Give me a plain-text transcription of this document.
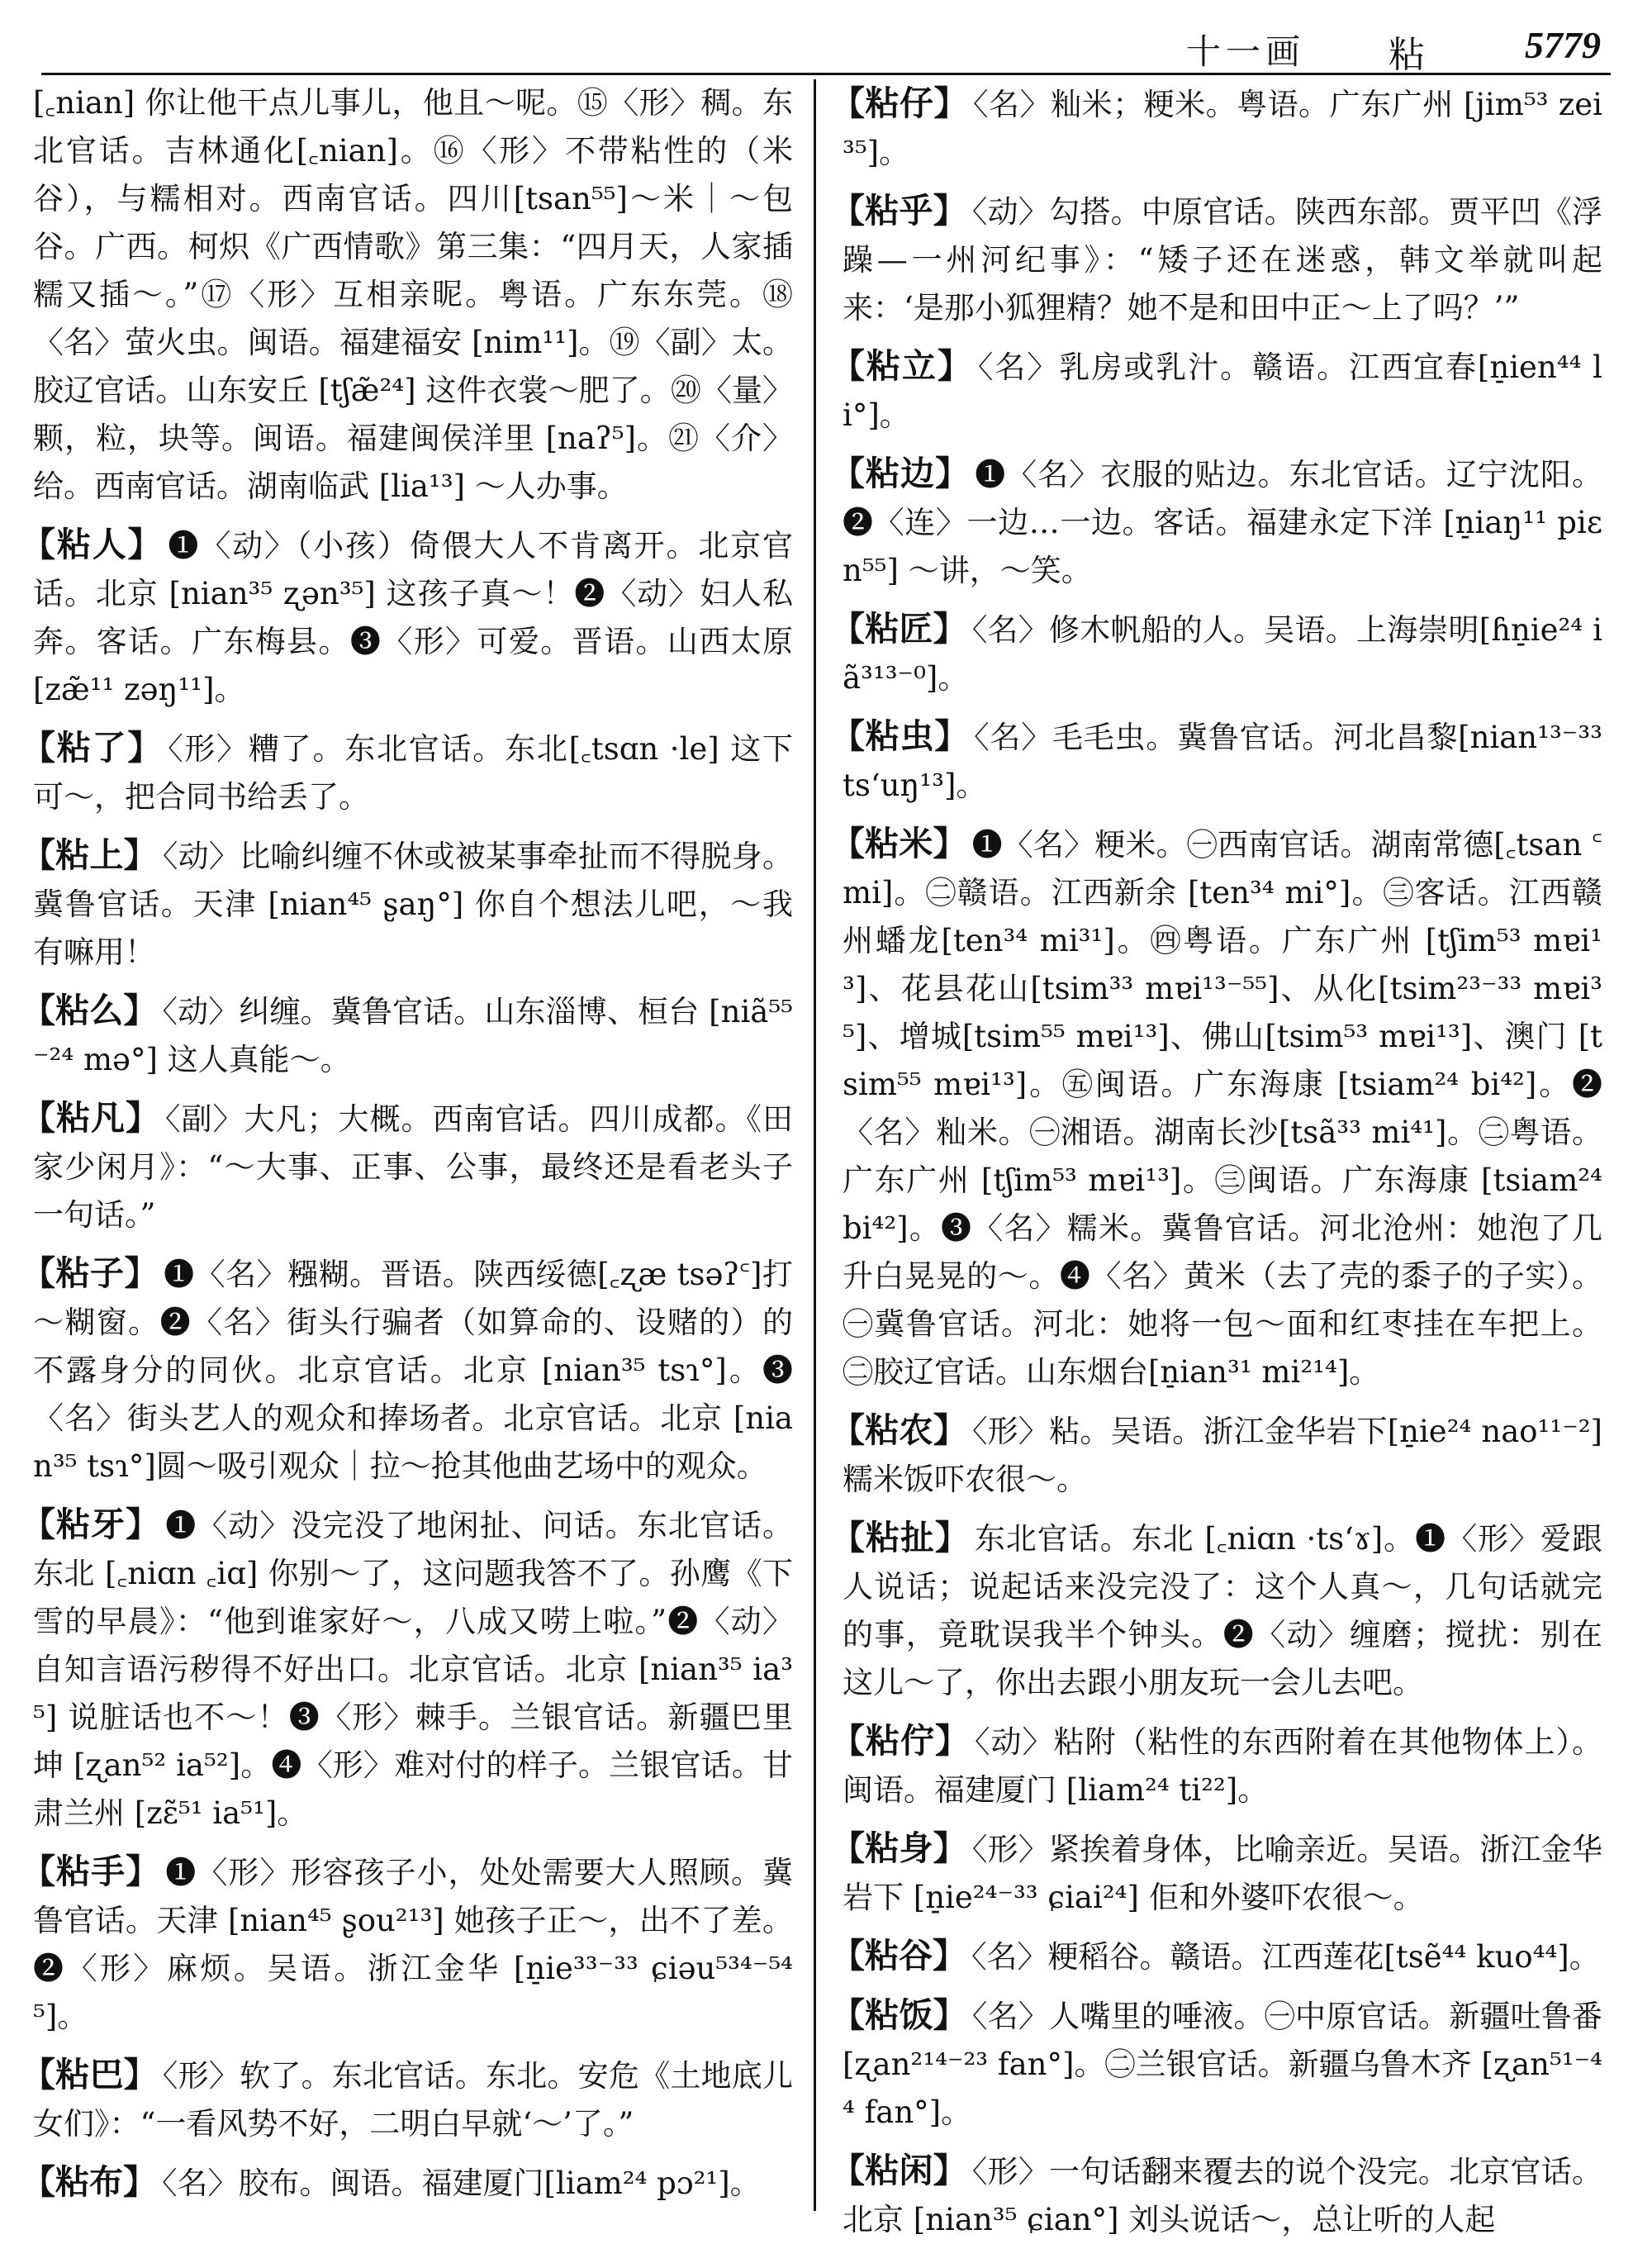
十一画 粘	5779
[꜀nian] 你让他干点儿事儿，他且～呢。⑮〈形〉稠。东北官话。吉林通化[꜀nian]。⑯〈形〉不带粘性的（米谷），与糯相对。西南官话。四川[tsan⁵⁵]～米｜～包谷。广西。柯炽《广西情歌》第三集：“四月天，人家插糯又插～。”⑰〈形〉互相亲昵。粤语。广东东莞。⑱〈名〉萤火虫。闽语。福建福安 [nim¹¹]。⑲〈副〉太。胶辽官话。山东安丘 [tʃæ̃²⁴] 这件衣裳～肥了。⑳〈量〉颗，粒，块等。闽语。福建闽侯洋里 [naʔ⁵]。㉑〈介〉给。西南官话。湖南临武 [lia¹³] ～人办事。
【粘人】 ❶〈动〉（小孩）倚偎大人不肯离开。北京官话。北京 [nian³⁵ ʐən³⁵] 这孩子真～！❷〈动〉妇人私奔。客话。广东梅县。❸〈形〉可爱。晋语。山西太原 [zæ̃¹¹ zəŋ¹¹]。
【粘了】 〈形〉糟了。东北官话。东北[꜀tsɑn ·le] 这下可～，把合同书给丢了。
【粘上】 〈动〉比喻纠缠不休或被某事牵扯而不得脱身。冀鲁官话。天津 [nian⁴⁵ ʂaŋ°] 你自个想法儿吧，～我有嘛用！
【粘么】 〈动〉纠缠。冀鲁官话。山东淄博、桓台 [niã⁵⁵⁻²⁴ mə°] 这人真能～。
【粘凡】 〈副〉大凡；大概。西南官话。四川成都。《田家少闲月》：“～大事、正事、公事，最终还是看老头子一句话。”
【粘子】 ❶〈名〉糨糊。晋语。陕西绥德[꜀ʐæ tsəʔ꜂]打～糊窗。❷〈名〉街头行骗者（如算命的、设赌的）的不露身分的同伙。北京官话。北京 [nian³⁵ tsɿ°]。❸〈名〉街头艺人的观众和捧场者。北京官话。北京 [nian³⁵ tsɿ°]圆～吸引观众｜拉～抢其他曲艺场中的观众。
【粘牙】 ❶〈动〉没完没了地闲扯、问话。东北官话。东北 [꜀niɑn ꜀iɑ] 你别～了，这问题我答不了。孙鹰《下雪的早晨》：“他到谁家好～，八成又唠上啦。”❷〈动〉自知言语污秽得不好出口。北京官话。北京 [nian³⁵ ia³⁵] 说脏话也不～！❸〈形〉棘手。兰银官话。新疆巴里坤 [ʐan⁵² ia⁵²]。❹〈形〉难对付的样子。兰银官话。甘肃兰州 [zɛ̃⁵¹ ia⁵¹]。
【粘手】 ❶〈形〉形容孩子小，处处需要大人照顾。冀鲁官话。天津 [nian⁴⁵ ʂou²¹³] 她孩子正～，出不了差。❷〈形〉麻烦。吴语。浙江金华 [n̠ie³³⁻³³ ɕiəu⁵³⁴⁻⁵⁴⁵]。
【粘巴】 〈形〉软了。东北官话。东北。安危《土地底儿女们》：“一看风势不好，二明白早就‘～’了。”
【粘布】 〈名〉胶布。闽语。福建厦门[liam²⁴ pɔ²¹]。
【粘仔】 〈名〉籼米；粳米。粤语。广东广州 [jim⁵³ zei³⁵]。
【粘乎】 〈动〉勾搭。中原官话。陕西东部。贾平凹《浮躁—一州河纪事》：“矮子还在迷惑，韩文举就叫起来：‘是那小狐狸精？她不是和田中正～上了吗？’”
【粘立】 〈名〉乳房或乳汁。赣语。江西宜春[n̠ien⁴⁴ li°]。
【粘边】 ❶〈名〉衣服的贴边。东北官话。辽宁沈阳。❷〈连〉一边…一边。客话。福建永定下洋 [n̠iaŋ¹¹ piɛn⁵⁵] ～讲，～笑。
【粘匠】 〈名〉修木帆船的人。吴语。上海崇明[ɦn̠ie²⁴ iã³¹³⁻⁰]。
【粘虫】 〈名〉毛毛虫。冀鲁官话。河北昌黎[nian¹³⁻³³ tsʻuŋ¹³]。
【粘米】 ❶〈名〉粳米。㊀西南官话。湖南常德[꜀tsan ꜂mi]。㊁赣语。江西新余 [ten³⁴ mi°]。㊂客话。江西赣州蟠龙[ten³⁴ mi³¹]。㊃粤语。广东广州 [tʃim⁵³ mɐi¹³]、花县花山[tsim³³ mɐi¹³⁻⁵⁵]、从化[tsim²³⁻³³ mɐi³⁵]、增城[tsim⁵⁵ mɐi¹³]、佛山[tsim⁵³ mɐi¹³]、澳门 [tsim⁵⁵ mɐi¹³]。㊄闽语。广东海康 [tsiam²⁴ bi⁴²]。❷〈名〉籼米。㊀湘语。湖南长沙[tsã³³ mi⁴¹]。㊁粤语。广东广州 [tʃim⁵³ mɐi¹³]。㊂闽语。广东海康 [tsiam²⁴ bi⁴²]。❸〈名〉糯米。冀鲁官话。河北沧州：她泡了几升白晃晃的～。❹〈名〉黄米（去了壳的黍子的子实）。㊀冀鲁官话。河北：她将一包～面和红枣挂在车把上。㊁胶辽官话。山东烟台[n̠ian³¹ mi²¹⁴]。
【粘农】 〈形〉粘。吴语。浙江金华岩下[n̠ie²⁴ nao¹¹⁻²] 糯米饭吓农很～。
【粘扯】 东北官话。东北 [꜀niɑn ·tsʻɤ]。❶〈形〉爱跟人说话；说起话来没完没了：这个人真～，几句话就完的事，竟耽误我半个钟头。❷〈动〉缠磨；搅扰：别在这儿～了，你出去跟小朋友玩一会儿去吧。
【粘佇】 〈动〉粘附（粘性的东西附着在其他物体上）。闽语。福建厦门 [liam²⁴ ti²²]。
【粘身】 〈形〉紧挨着身体，比喻亲近。吴语。浙江金华岩下 [n̠ie²⁴⁻³³ ɕiai²⁴] 佢和外婆吓农很～。
【粘谷】 〈名〉粳稻谷。赣语。江西莲花[tsẽ⁴⁴ kuo⁴⁴]。
【粘饭】 〈名〉人嘴里的唾液。㊀中原官话。新疆吐鲁番 [ʐan²¹⁴⁻²³ fan°]。㊁兰银官话。新疆乌鲁木齐 [ʐan⁵¹⁻⁴⁴ fan°]。
【粘闲】 〈形〉一句话翻来覆去的说个没完。北京官话。北京 [nian³⁵ ɕian°] 刘头说话～，总让听的人起
